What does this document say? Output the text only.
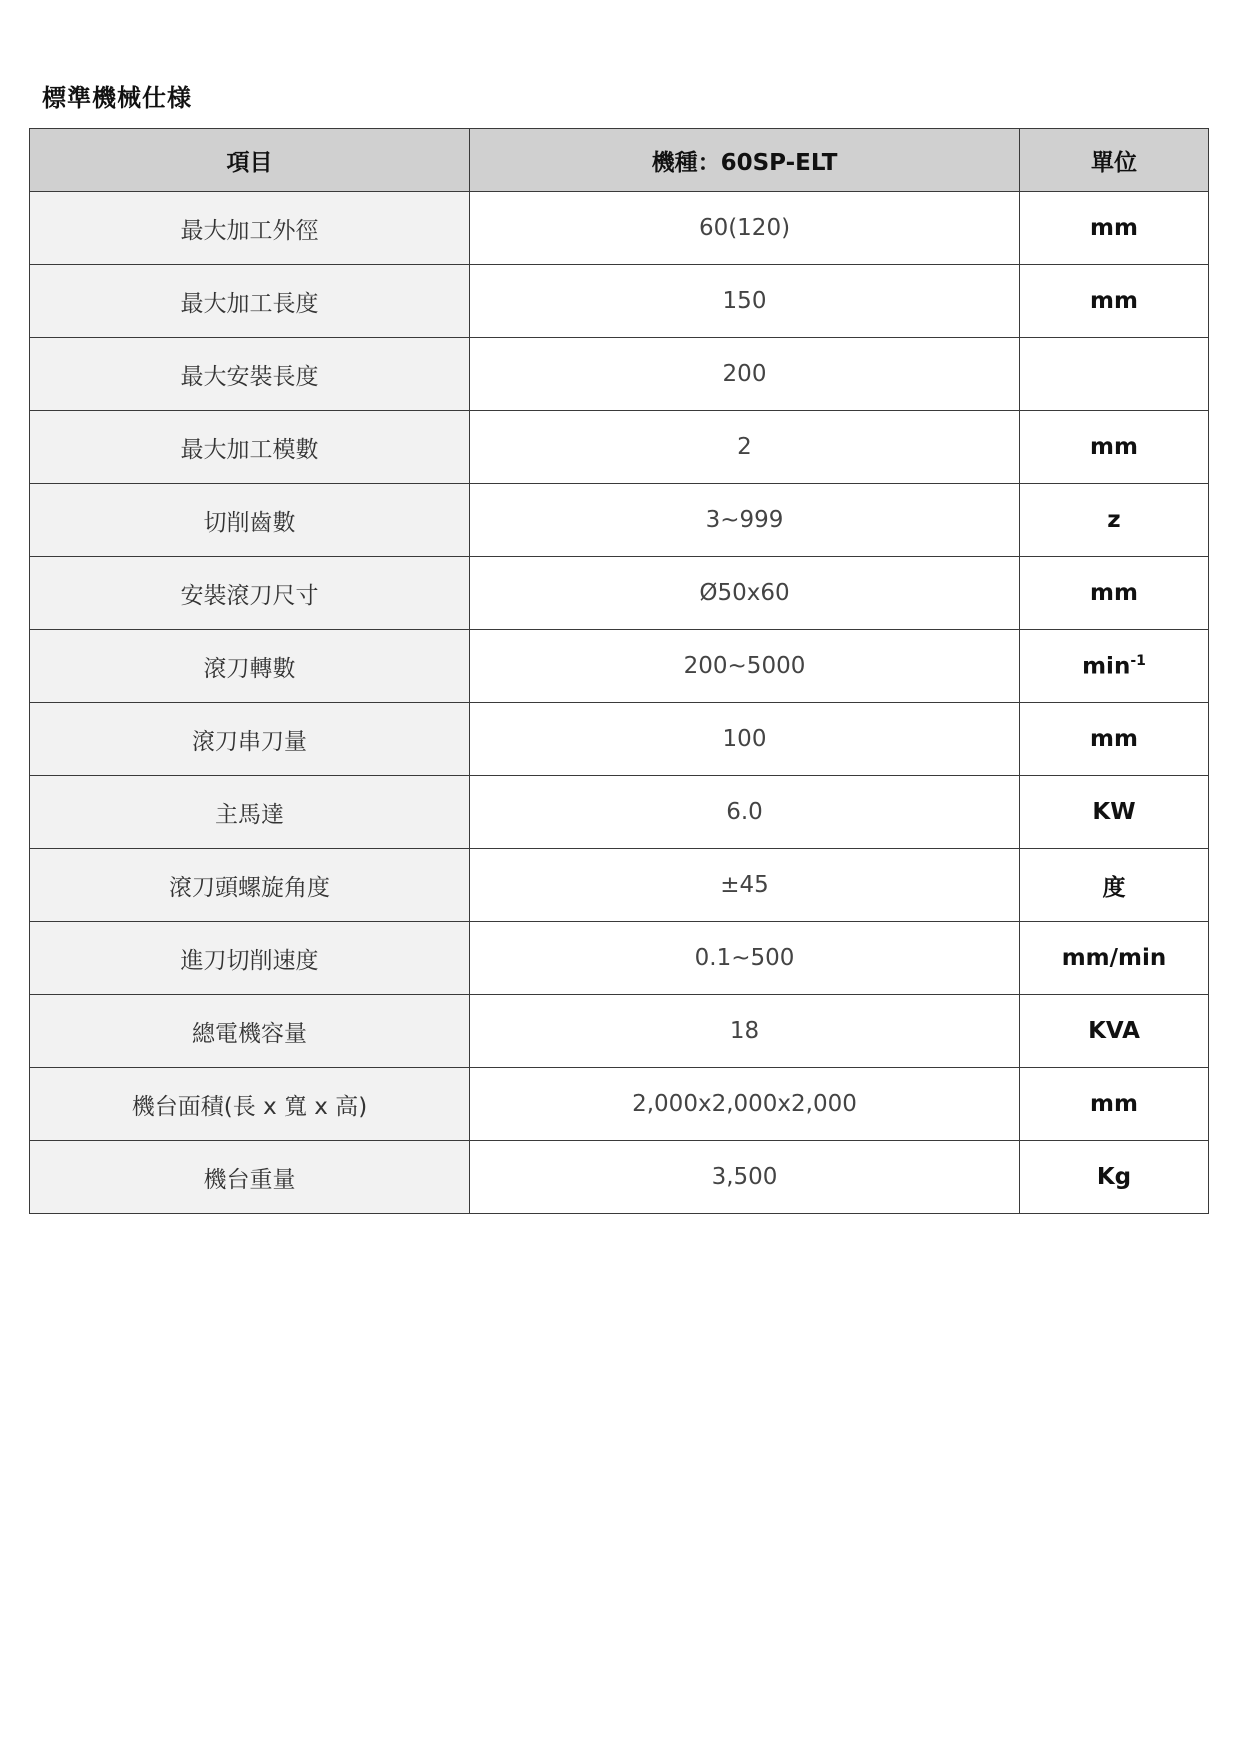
標準機械仕様
項目	機種：60SP-ELT	單位
最大加工外徑	60(120)	mm
最大加工長度	150	mm
最大安裝長度	200	
最大加工模數	2	mm
切削齒數	3~999	z
安裝滾刀尺寸	Ø50x60	mm
滾刀轉數	200~5000	$\min^{-1}$
滾刀串刀量	100	mm
主馬達	6.0	KW
滾刀頭螺旋角度	±45	度
進刀切削速度	0.1~500	mm/min
總電機容量	18	KVA
機台面積(長 x 寬 x 高)	2,000x2,000x2,000	mm
機台重量	3,500	Kg
